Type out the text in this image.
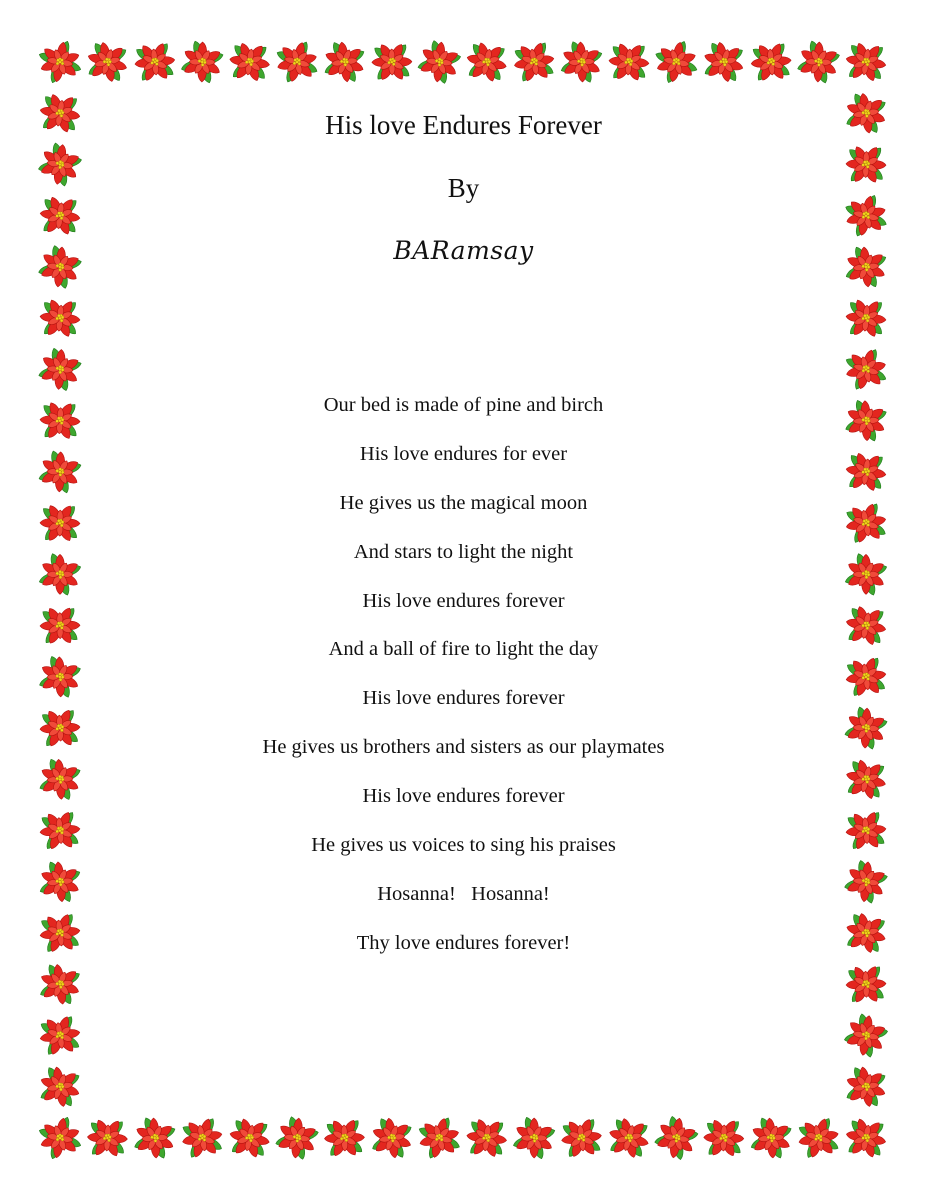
His love Endures Forever
By
BARamsay
Our bed is made of pine and birch
His love endures for ever
He gives us the magical moon
And stars to light the night
His love endures forever
And a ball of fire to light the day
His love endures forever
He gives us brothers and sisters as our playmates
His love endures forever
He gives us voices to sing his praises
Hosanna!   Hosanna!
Thy love endures forever!
